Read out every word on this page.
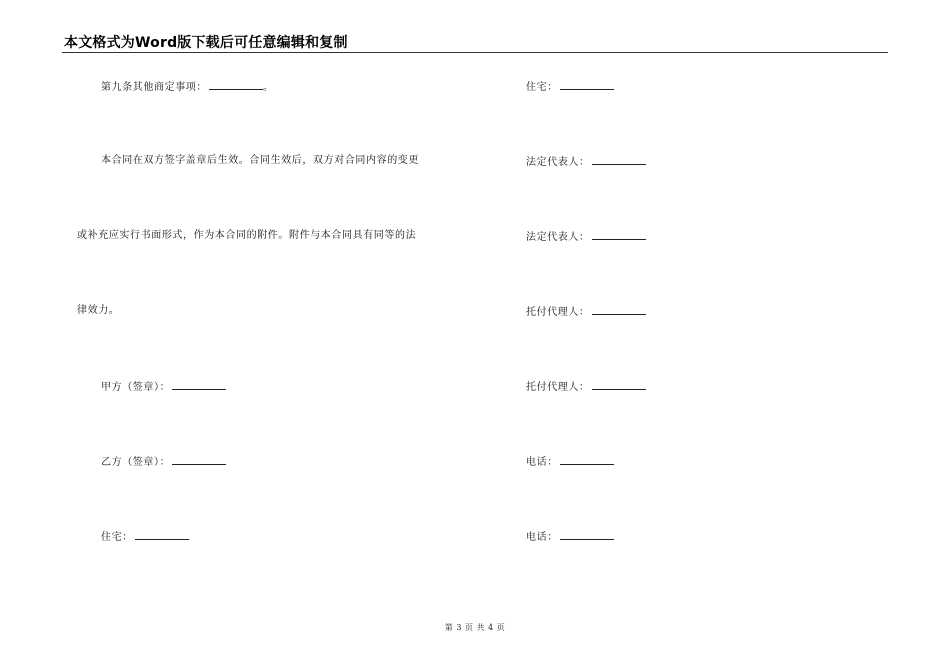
本文格式为Word版下载后可任意编辑和复制
第九条其他商定事项：	。
本合同在双方签字盖章后生效。合同生效后，双方对合同内容的变更
或补充应实行书面形式，作为本合同的附件。附件与本合同具有同等的法
律效力。
甲方（签章）：
乙方（签章）：
住宅：
住宅：
法定代表人：
法定代表人：
托付代理人：
托付代理人：
电话：
电话：
第 3 页 共 4 页
